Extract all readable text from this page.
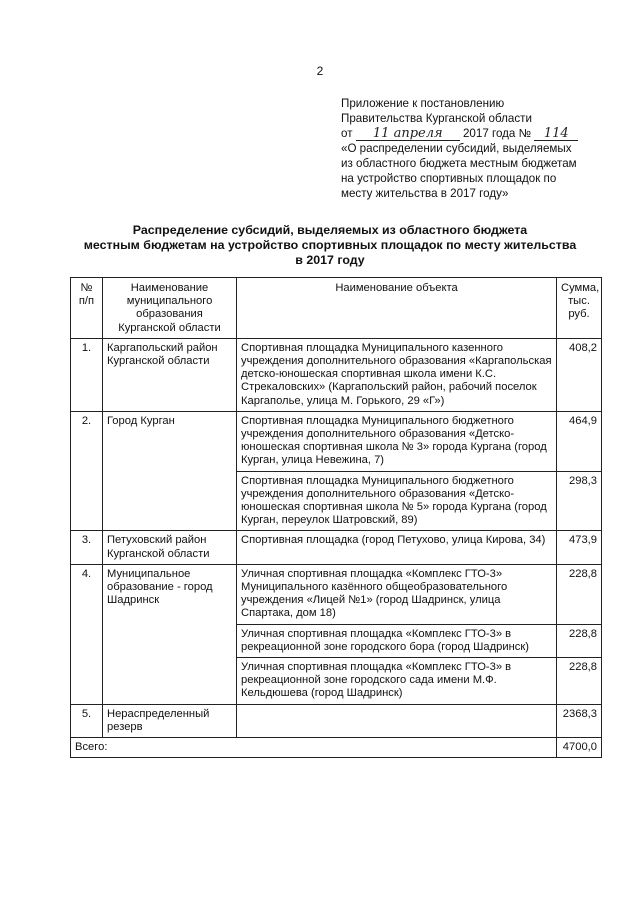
2
Приложение к постановлению
Правительства Курганской области
от 11 апреля 2017 года № 114
«О распределении субсидий, выделяемых
из областного бюджета местным бюджетам
на устройство спортивных площадок по
месту жительства в 2017 году»
Распределение субсидий, выделяемых из областного бюджета
местным бюджетам на устройство спортивных площадок по месту жительства
в 2017 году
№ п/п	Наименование муниципального образования Курганской области	Наименование объекта	Сумма, тыс. руб.
1.	Каргапольский район Курганской области	Спортивная площадка Муниципального казенного учреждения дополнительного образования «Каргапольская детско-юношеская спортивная школа имени К.С. Стрекаловских» (Каргапольский район, рабочий поселок Каргаполье, улица М. Горького, 29 «Г»)	408,2
2.	Город Курган	Спортивная площадка Муниципального бюджетного учреждения дополнительного образования «Детско-юношеская спортивная школа № 3» города Кургана (город Курган, улица Невежина, 7)	464,9
		Спортивная площадка Муниципального бюджетного учреждения дополнительного образования «Детско-юношеская спортивная школа № 5» города Кургана (город Курган, переулок Шатровский, 89)	298,3
3.	Петуховский район Курганской области	Спортивная площадка (город Петухово, улица Кирова, 34)	473,9
4.	Муниципальное образование - город Шадринск	Уличная спортивная площадка «Комплекс ГТО-3» Муниципального казённого общеобразовательного учреждения «Лицей №1» (город Шадринск, улица Спартака, дом 18)	228,8
		Уличная спортивная площадка «Комплекс ГТО-3» в рекреационной зоне городского бора (город Шадринск)	228,8
		Уличная спортивная площадка «Комплекс ГТО-3» в рекреационной зоне городского сада имени М.Ф. Кельдюшева (город Шадринск)	228,8
5.	Нераспределенный резерв		2368,3
Всего:			4700,0
